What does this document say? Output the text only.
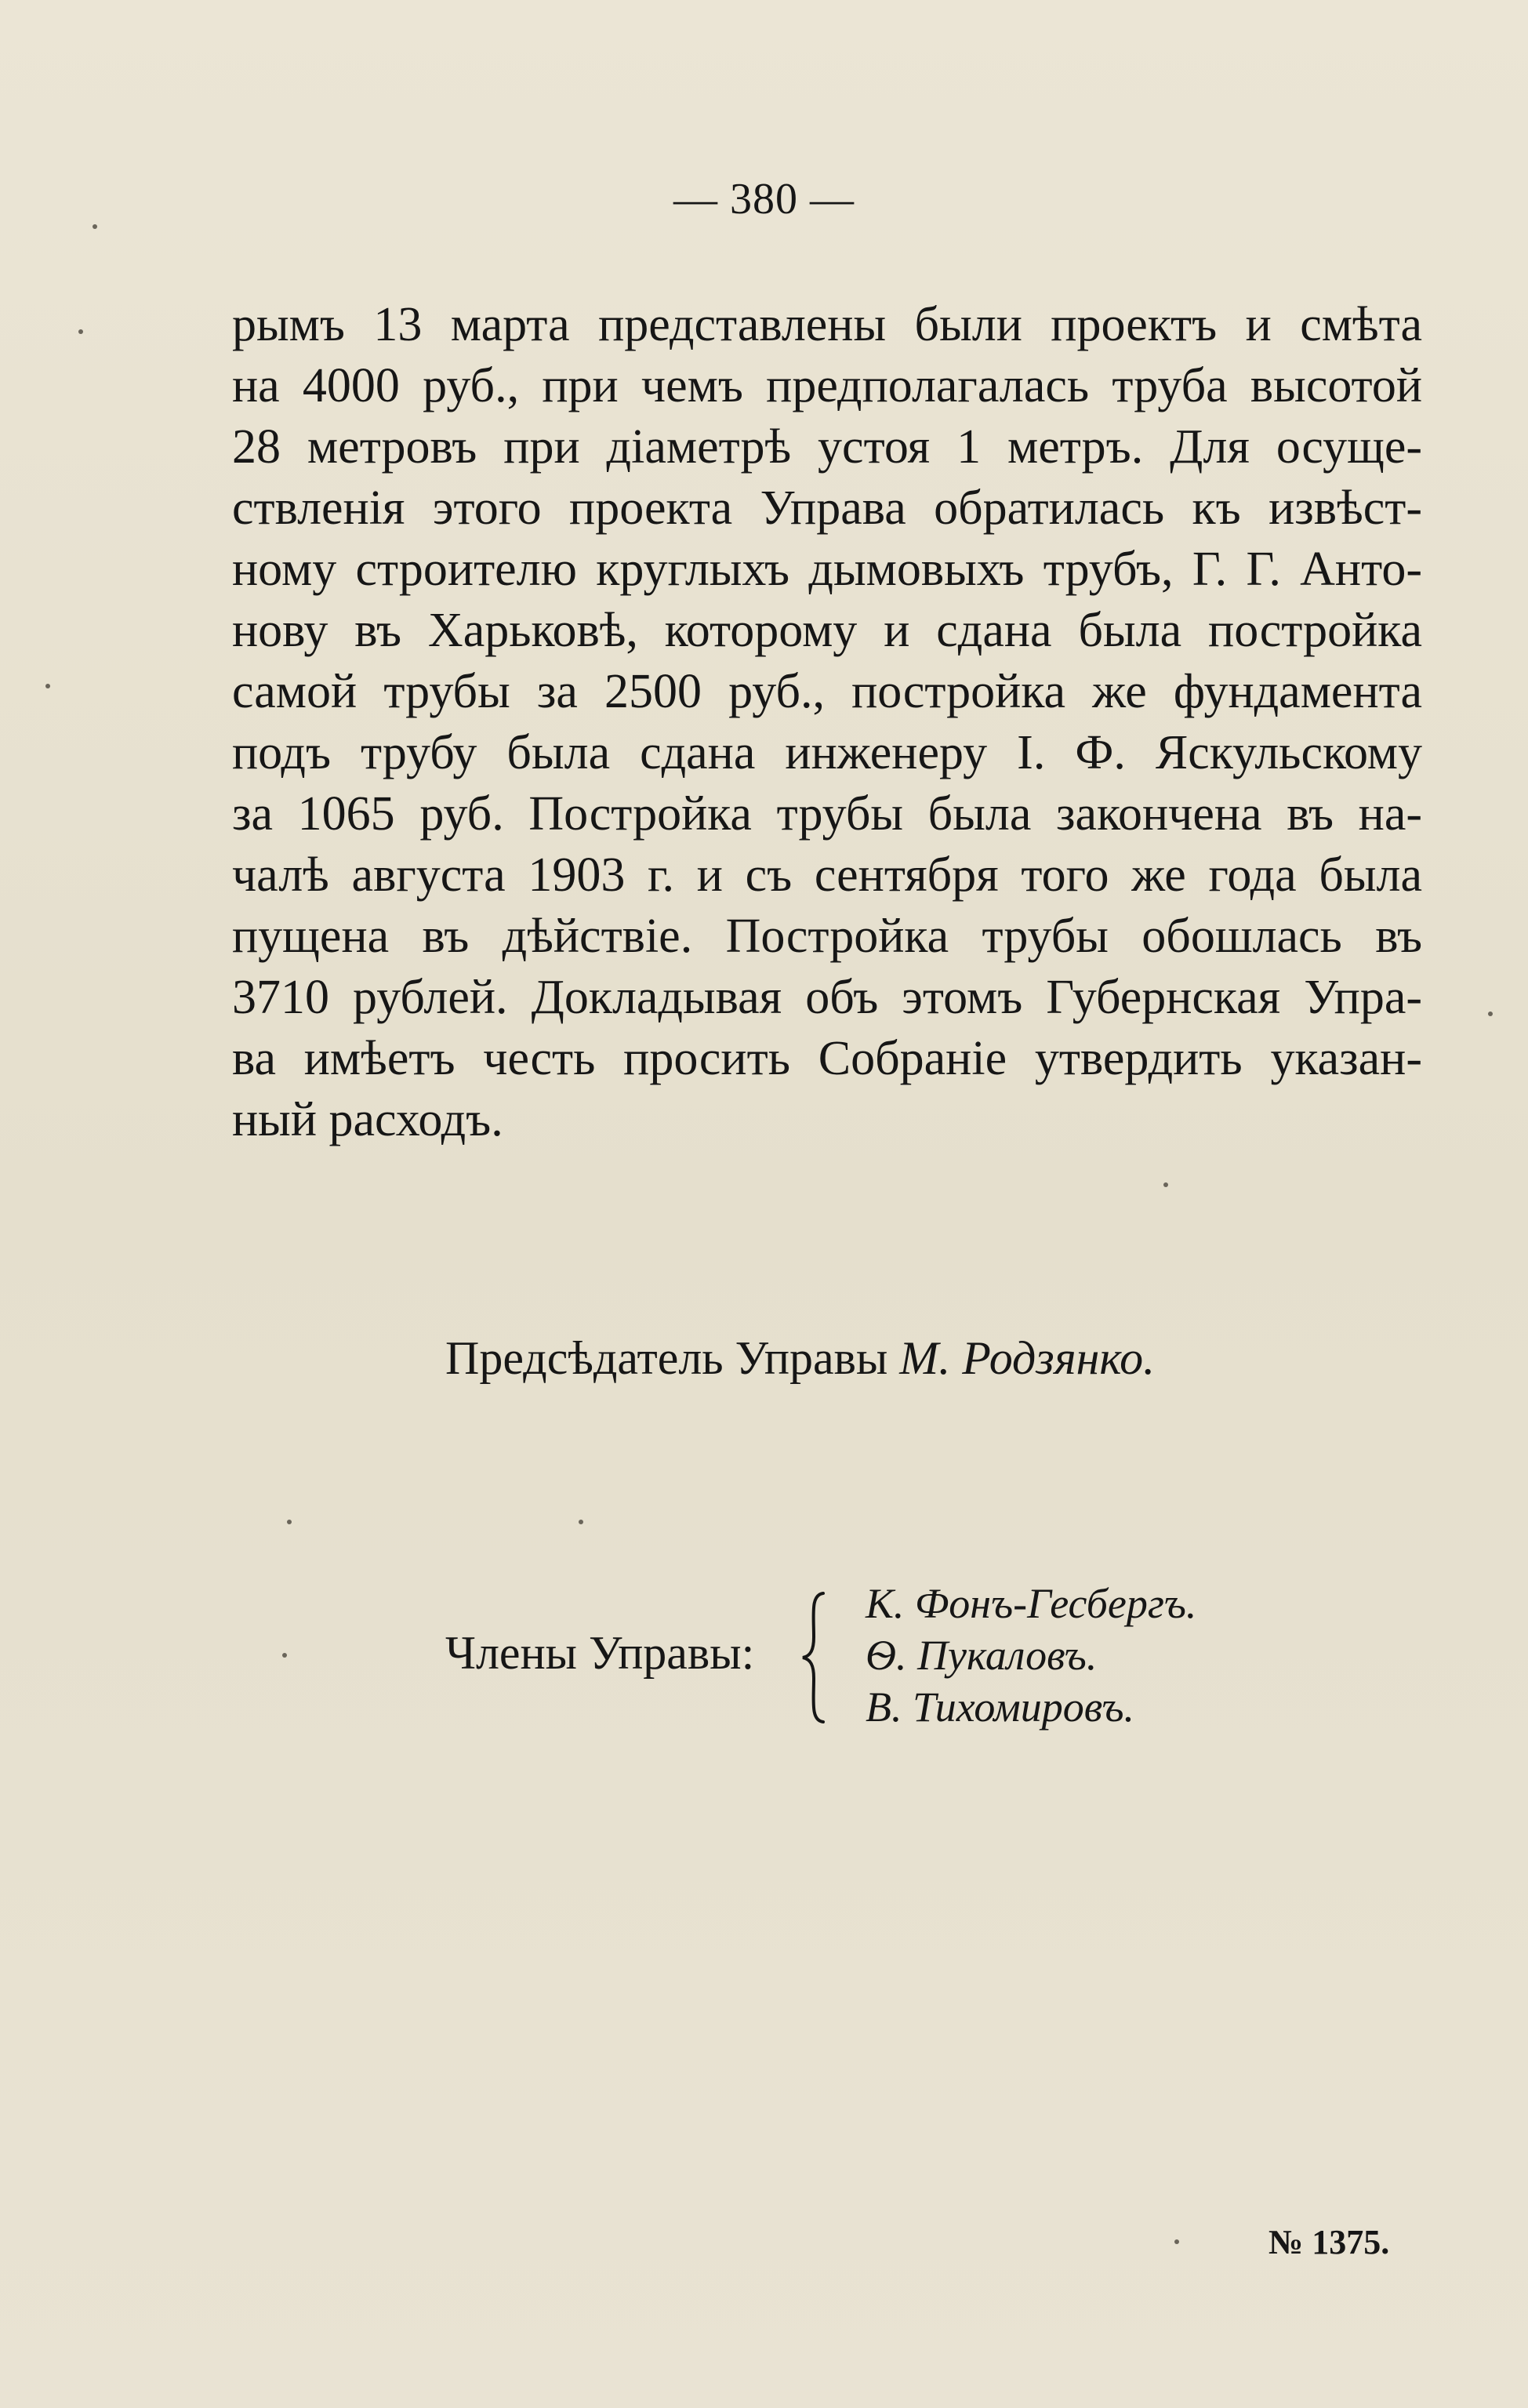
— 380 —
рымъ 13 марта представлены были проектъ и смѣта
на 4000 руб., при чемъ предполагалась труба высотой
28 метровъ при діаметрѣ устоя 1 метръ. Для осуще-
ствленія этого проекта Управа обратилась къ извѣст-
ному строителю круглыхъ дымовыхъ трубъ, Г. Г. Анто-
нову въ Харьковѣ, которому и сдана была постройка
самой трубы за 2500 руб., постройка же фундамента
подъ трубу была сдана инженеру І. Ф. Яскульскому
за 1065 руб. Постройка трубы была закончена въ на-
чалѣ августа 1903 г. и съ сентября того же года была
пущена въ дѣйствіе. Постройка трубы обошлась въ
3710 рублей. Докладывая объ этомъ Губернская Упра-
ва имѣетъ честь просить Собраніе утвердить указан-
ный расходъ.
Предсѣдатель Управы М. Родзянко.
Члены Управы:
К. Фонъ-Гесбергъ.
Ѳ. Пукаловъ.
В. Тихомировъ.
№ 1375.
